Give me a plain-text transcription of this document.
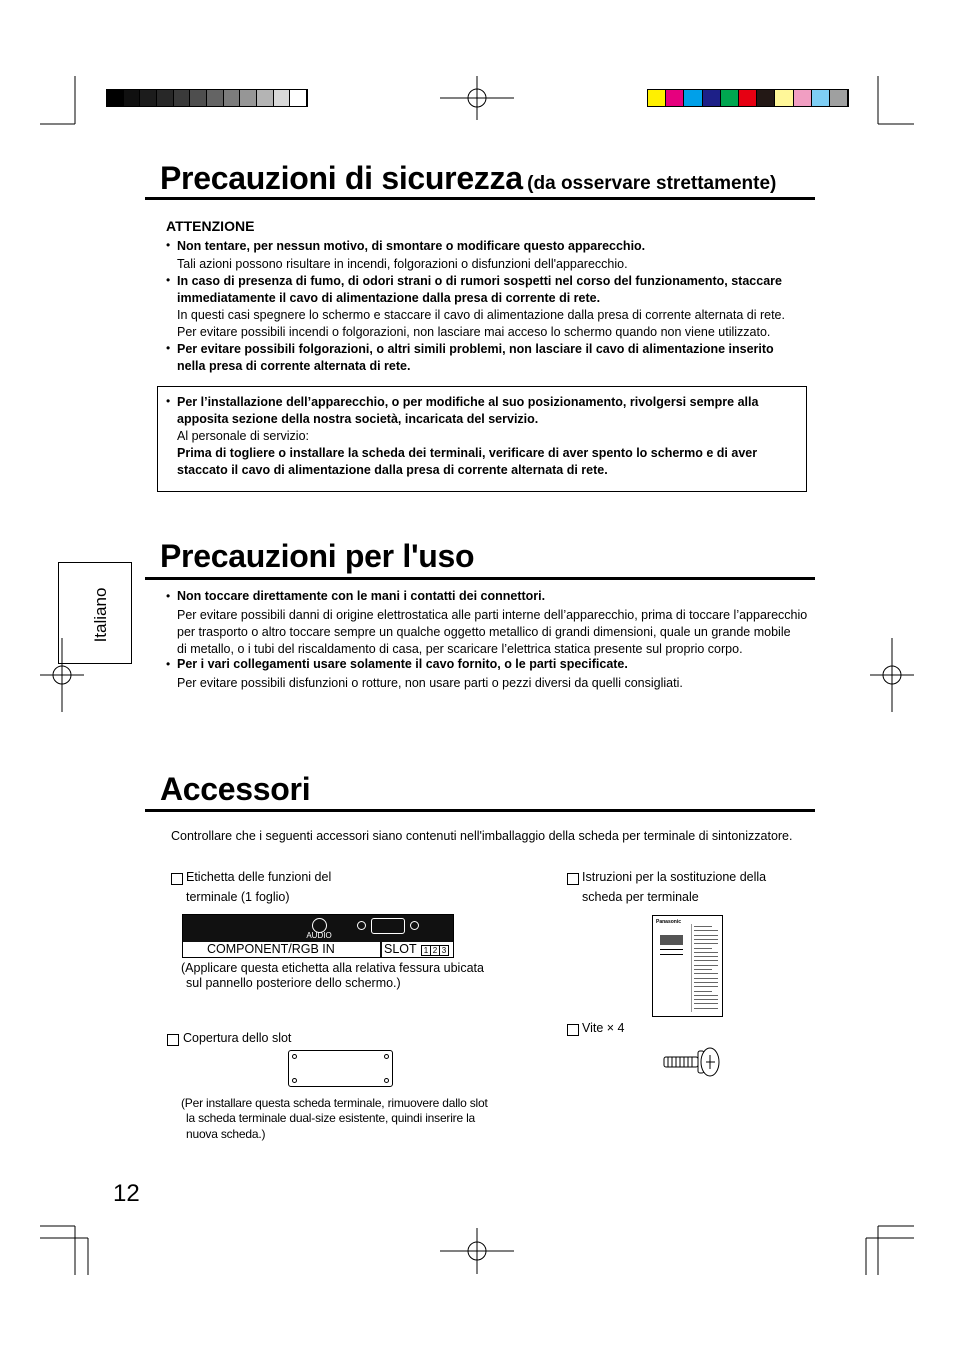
Italiano
Precauzioni di sicurezza (da osservare strettamente)
ATTENZIONE
• Non tentare, per nessun motivo, di smontare o modificare questo apparecchio.
Tali azioni possono risultare in incendi, folgorazioni o disfunzioni dell'apparecchio.
• In caso di presenza di fumo, di odori strani o di rumori sospetti nel corso del funzionamento, staccare
immediatamente il cavo di alimentazione dalla presa di corrente di rete.
In questi casi spegnere lo schermo e staccare il cavo di alimentazione dalla presa di corrente alternata di rete.
Per evitare possibili incendi o folgorazioni, non lasciare mai acceso lo schermo quando non viene utilizzato.
• Per evitare possibili folgorazioni, o altri simili problemi, non lasciare il cavo di alimentazione inserito
nella presa di corrente alternata di rete.
• Per l’installazione dell’apparecchio, o per modifiche al suo posizionamento, rivolgersi sempre alla
apposita sezione della nostra società, incaricata del servizio.
Al personale di servizio:
Prima di togliere o installare la scheda dei terminali, verificare di aver spento lo schermo e di aver
staccato il cavo di alimentazione dalla presa di corrente alternata di rete.
Precauzioni per l'uso
• Non toccare direttamente con le mani i contatti dei connettori.
Per evitare possibili danni di origine elettrostatica alle parti interne dell’apparecchio, prima di toccare l’apparecchio
per trasporto o altro toccare sempre un qualche oggetto metallico di grandi dimensioni, quale un grande mobile
di metallo, o i tubi del riscaldamento di casa, per scaricare l’elettrica statica presente sul proprio corpo.
• Per i vari collegamenti usare solamente il cavo fornito, o le parti specificate.
Per evitare possibili disfunzioni o rotture, non usare parti o pezzi diversi da quelli consigliati.
Accessori
Controllare che i seguenti accessori siano contenuti nell'imballaggio della scheda per terminale di sintonizzatore.
Etichetta delle funzioni del
terminale (1 foglio)
AUDIO
COMPONENT/RGB IN	SLOT 1 2 3
(Applicare questa etichetta alla relativa fessura ubicata
sul pannello posteriore dello schermo.)
Copertura dello slot
(Per installare questa scheda terminale, rimuovere dallo slot
la scheda terminale dual-size esistente, quindi inserire la
nuova scheda.)
Istruzioni per la sostituzione della
scheda per terminale
Panasonic
Vite × 4
12
